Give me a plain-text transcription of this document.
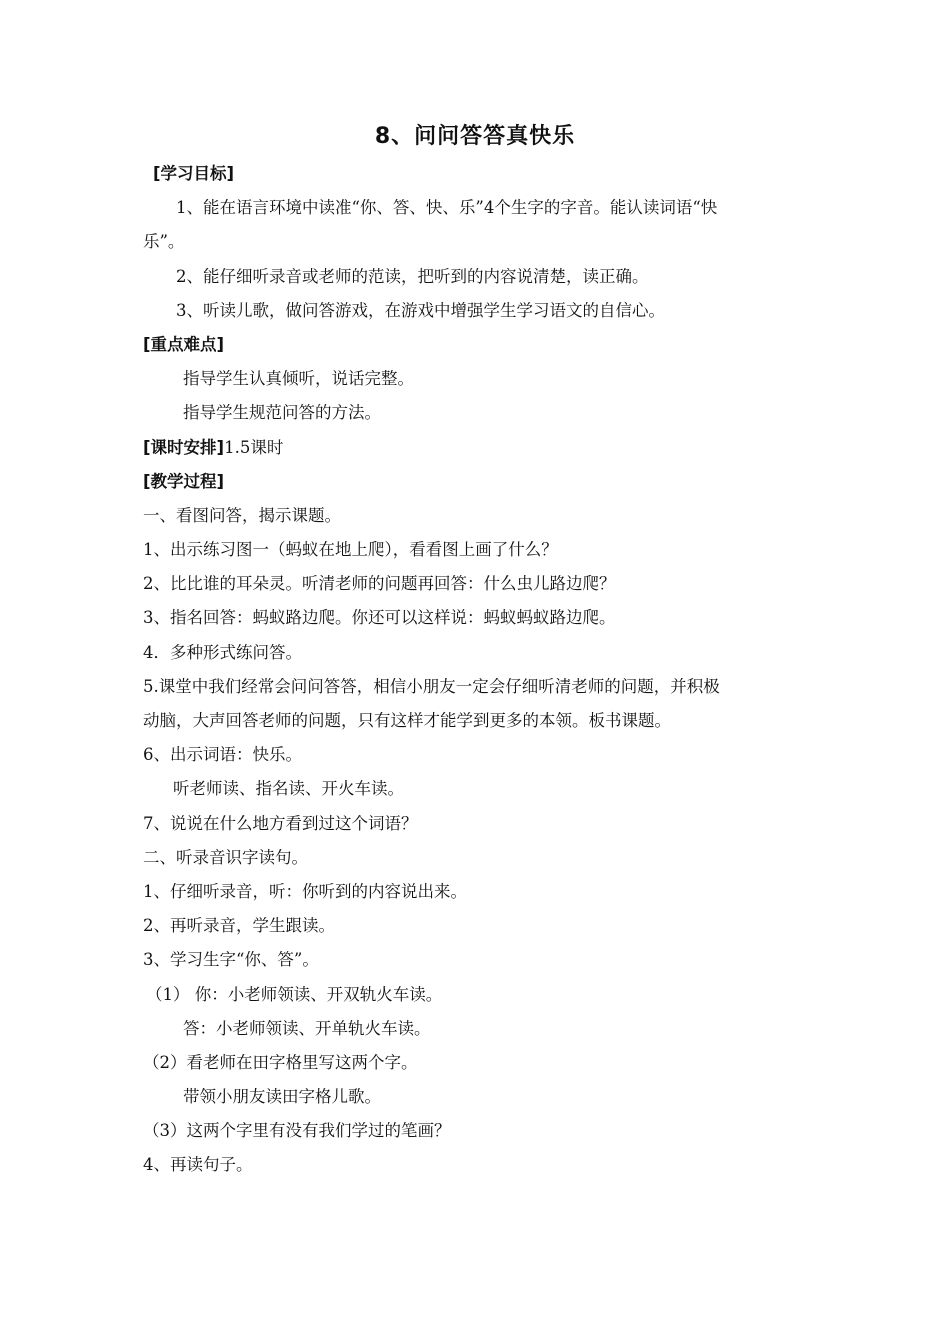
8、问问答答真快乐
[学习目标]
1、能在语言环境中读准“你、答、快、乐”4个生字的字音。能认读词语“快
乐”。
2、能仔细听录音或老师的范读，把听到的内容说清楚，读正确。
3、听读儿歌，做问答游戏，在游戏中增强学生学习语文的自信心。
[重点难点]
指导学生认真倾听，说话完整。
指导学生规范问答的方法。
[课时安排]1.5课时
[教学过程]
一、看图问答，揭示课题。
1、出示练习图一（蚂蚁在地上爬），看看图上画了什么？
2、比比谁的耳朵灵。听清老师的问题再回答：什么虫儿路边爬？
3、指名回答：蚂蚁路边爬。你还可以这样说：蚂蚁蚂蚁路边爬。
4．多种形式练问答。
5.课堂中我们经常会问问答答，相信小朋友一定会仔细听清老师的问题，并积极
动脑，大声回答老师的问题，只有这样才能学到更多的本领。板书课题。
6、出示词语：快乐。
听老师读、指名读、开火车读。
7、说说在什么地方看到过这个词语？
二、听录音识字读句。
1、仔细听录音，听：你听到的内容说出来。
2、再听录音，学生跟读。
3、学习生字“你、答”。
（1） 你：小老师领读、开双轨火车读。
答：小老师领读、开单轨火车读。
（2）看老师在田字格里写这两个字。
带领小朋友读田字格儿歌。
（3）这两个字里有没有我们学过的笔画？
4、再读句子。
